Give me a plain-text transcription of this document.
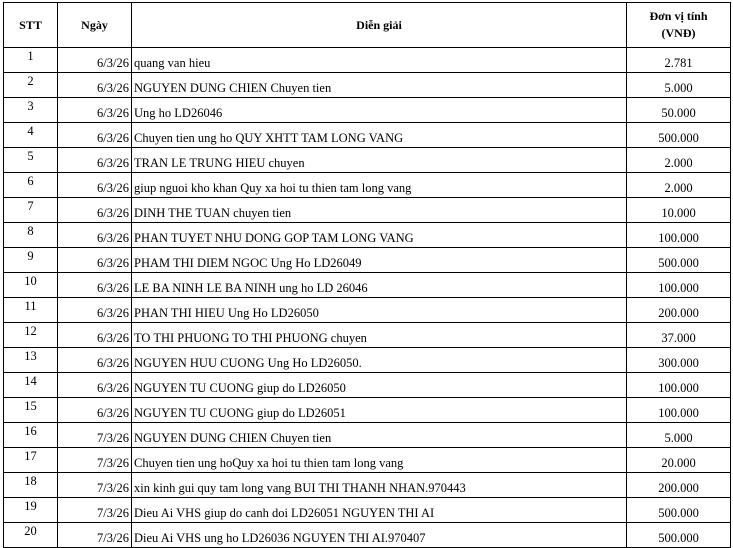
STT	Ngày	Diễn giải	Đơn vị tính
(VNĐ)
1	6/3/26	quang van hieu	2.781
2	6/3/26	NGUYEN DUNG CHIEN Chuyen tien	5.000
3	6/3/26	Ung ho LD26046	50.000
4	6/3/26	Chuyen tien ung ho QUY XHTT TAM LONG VANG	500.000
5	6/3/26	TRAN LE TRUNG HIEU chuyen	2.000
6	6/3/26	giup nguoi kho khan Quy xa hoi tu thien tam long vang	2.000
7	6/3/26	DINH THE TUAN chuyen tien	10.000
8	6/3/26	PHAN TUYET NHU DONG GOP TAM LONG VANG	100.000
9	6/3/26	PHAM THI DIEM NGOC Ung Ho LD26049	500.000
10	6/3/26	LE BA NINH LE BA NINH ung ho LD 26046	100.000
11	6/3/26	PHAN THI HIEU Ung Ho LD26050	200.000
12	6/3/26	TO THI PHUONG TO THI PHUONG chuyen	37.000
13	6/3/26	NGUYEN HUU CUONG Ung Ho LD26050.	300.000
14	6/3/26	NGUYEN TU CUONG giup do LD26050	100.000
15	6/3/26	NGUYEN TU CUONG giup do LD26051	100.000
16	7/3/26	NGUYEN DUNG CHIEN Chuyen tien	5.000
17	7/3/26	Chuyen tien ung hoQuy xa hoi tu thien tam long vang	20.000
18	7/3/26	xin kinh gui quy tam long vang BUI THI THANH NHAN.970443	200.000
19	7/3/26	Dieu Ai VHS giup do canh doi LD26051 NGUYEN THI AI	500.000
20	7/3/26	Dieu Ai VHS ung ho LD26036 NGUYEN THI AI.970407	500.000
